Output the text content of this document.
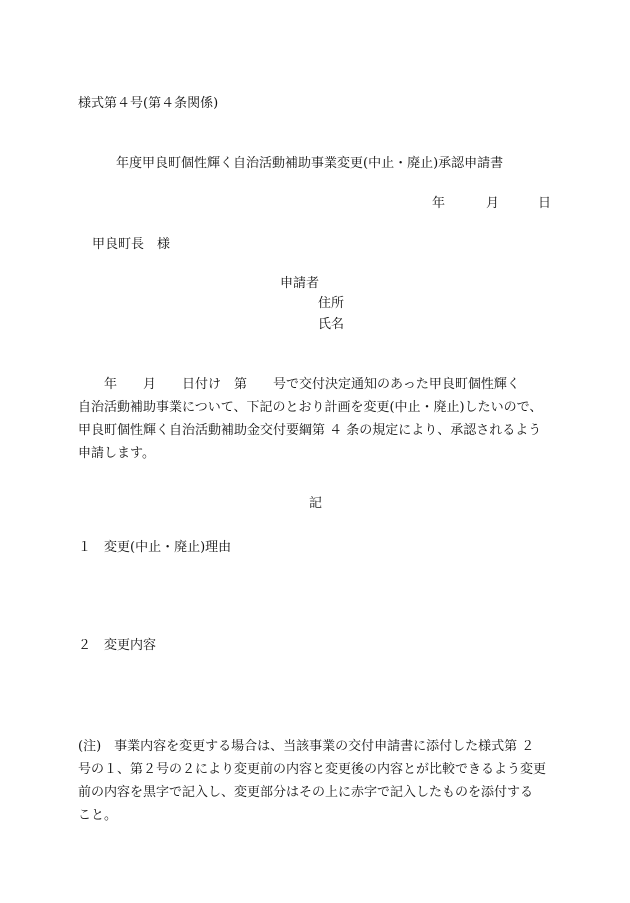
様式第４号(第４条関係)
年度甲良町個性輝く自治活動補助事業変更(中止・廃止)承認申請書
年	月	日
甲良町長　様
申請者
住所
氏名
　　年　　月　　日付け　第　　号で交付決定通知のあった甲良町個性輝く
自治活動補助事業について、下記のとおり計画を変更(中止・廃止)したいので、
甲良町個性輝く自治活動補助金交付要綱第 ４ 条の規定により、承認されるよう
申請します。
記
１　変更(中止・廃止)理由
２　変更内容
(注)　事業内容を変更する場合は、当該事業の交付申請書に添付した様式第 ２
号の１、第２号の２により変更前の内容と変更後の内容とが比較できるよう変更
前の内容を黒字で記入し、変更部分はその上に赤字で記入したものを添付する
こと。
